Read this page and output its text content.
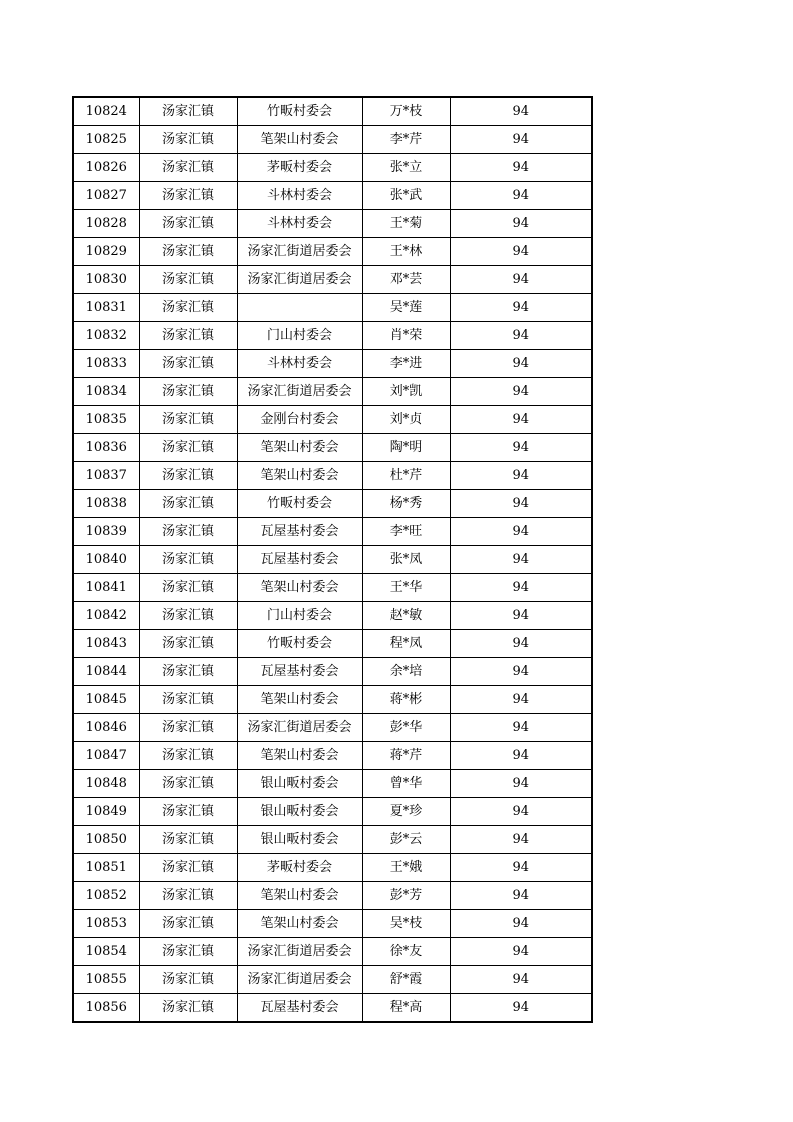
10824	汤家汇镇	竹畈村委会	万*枝	94
10825	汤家汇镇	笔架山村委会	李*芹	94
10826	汤家汇镇	茅畈村委会	张*立	94
10827	汤家汇镇	斗林村委会	张*武	94
10828	汤家汇镇	斗林村委会	王*菊	94
10829	汤家汇镇	汤家汇街道居委会	王*林	94
10830	汤家汇镇	汤家汇街道居委会	邓*芸	94
10831	汤家汇镇		吴*莲	94
10832	汤家汇镇	门山村委会	肖*荣	94
10833	汤家汇镇	斗林村委会	李*进	94
10834	汤家汇镇	汤家汇街道居委会	刘*凯	94
10835	汤家汇镇	金刚台村委会	刘*贞	94
10836	汤家汇镇	笔架山村委会	陶*明	94
10837	汤家汇镇	笔架山村委会	杜*芹	94
10838	汤家汇镇	竹畈村委会	杨*秀	94
10839	汤家汇镇	瓦屋基村委会	李*旺	94
10840	汤家汇镇	瓦屋基村委会	张*凤	94
10841	汤家汇镇	笔架山村委会	王*华	94
10842	汤家汇镇	门山村委会	赵*敏	94
10843	汤家汇镇	竹畈村委会	程*凤	94
10844	汤家汇镇	瓦屋基村委会	余*培	94
10845	汤家汇镇	笔架山村委会	蒋*彬	94
10846	汤家汇镇	汤家汇街道居委会	彭*华	94
10847	汤家汇镇	笔架山村委会	蒋*芹	94
10848	汤家汇镇	银山畈村委会	曾*华	94
10849	汤家汇镇	银山畈村委会	夏*珍	94
10850	汤家汇镇	银山畈村委会	彭*云	94
10851	汤家汇镇	茅畈村委会	王*娥	94
10852	汤家汇镇	笔架山村委会	彭*芳	94
10853	汤家汇镇	笔架山村委会	吴*枝	94
10854	汤家汇镇	汤家汇街道居委会	徐*友	94
10855	汤家汇镇	汤家汇街道居委会	舒*霞	94
10856	汤家汇镇	瓦屋基村委会	程*高	94
